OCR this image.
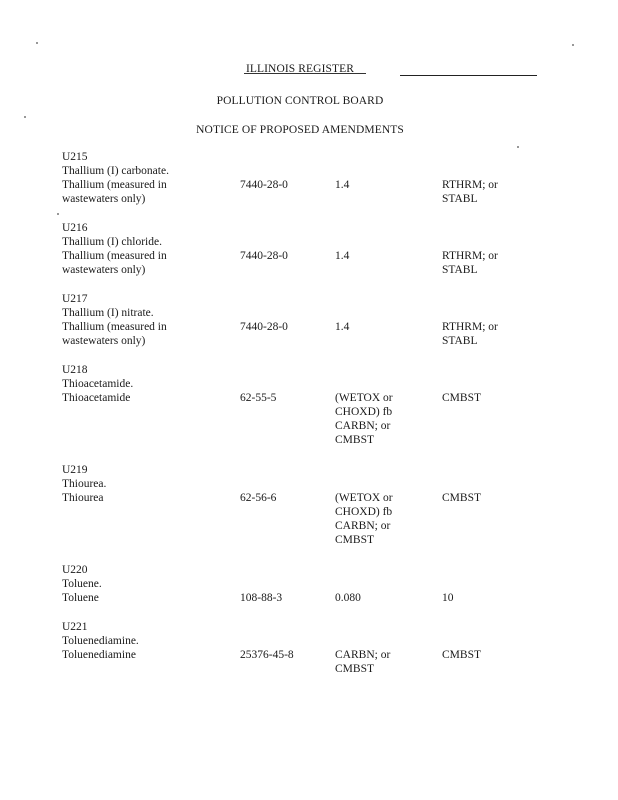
ILLINOIS REGISTER
POLLUTION CONTROL BOARD
NOTICE OF PROPOSED AMENDMENTS
U215
Thallium (I) carbonate.
Thallium (measured in	7440-28-0	1.4	RTHRM; or
wastewaters only)	STABL
U216
Thallium (I) chloride.
Thallium (measured in	7440-28-0	1.4	RTHRM; or
wastewaters only)	STABL
U217
Thallium (I) nitrate.
Thallium (measured in	7440-28-0	1.4	RTHRM; or
wastewaters only)	STABL
U218
Thioacetamide.
Thioacetamide	62-55-5	(WETOX or	CMBST
CHOXD) fb
CARBN; or
CMBST
U219
Thiourea.
Thiourea	62-56-6	(WETOX or	CMBST
CHOXD) fb
CARBN; or
CMBST
U220
Toluene.
Toluene	108-88-3	0.080	10
U221
Toluenediamine.
Toluenediamine	25376-45-8	CARBN; or	CMBST
CMBST
